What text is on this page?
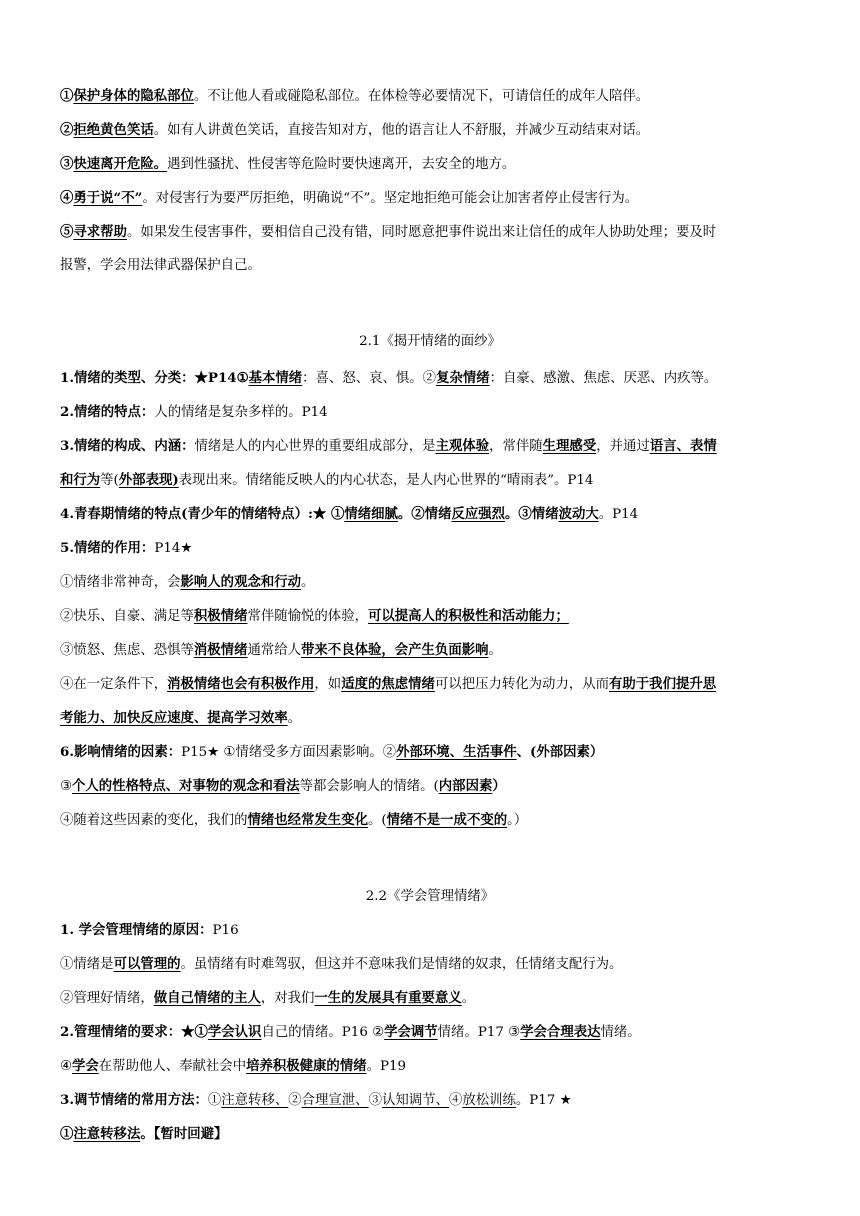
①保护身体的隐私部位。不让他人看或碰隐私部位。在体检等必要情况下，可请信任的成年人陪伴。
②拒绝黄色笑话。如有人讲黄色笑话，直接告知对方，他的语言让人不舒服，并减少互动结束对话。
③快速离开危险。遇到性骚扰、性侵害等危险时要快速离开，去安全的地方。
④勇于说“不”。对侵害行为要严厉拒绝，明确说“不”。坚定地拒绝可能会让加害者停止侵害行为。
⑤寻求帮助。如果发生侵害事件，要相信自己没有错，同时愿意把事件说出来让信任的成年人协助处理；要及时
报警，学会用法律武器保护自己。
2.1《揭开情绪的面纱》
1.情绪的类型、分类：★P14①基本情绪：喜、怒、哀、惧。②复杂情绪：自豪、感激、焦虑、厌恶、内疚等。
2.情绪的特点：人的情绪是复杂多样的。P14
3.情绪的构成、内涵：情绪是人的内心世界的重要组成部分，是主观体验，常伴随生理感受，并通过语言、表情
和行为等(外部表现)表现出来。情绪能反映人的内心状态，是人内心世界的“晴雨表”。P14
4.青春期情绪的特点(青少年的情绪特点）:★ ①情绪细腻。②情绪反应强烈。③情绪波动大。P14
5.情绪的作用：P14★
①情绪非常神奇，会影响人的观念和行动。
②快乐、自豪、满足等积极情绪常伴随愉悦的体验，可以提高人的积极性和活动能力；
③愤怒、焦虑、恐惧等消极情绪通常给人带来不良体验，会产生负面影响。
④在一定条件下，消极情绪也会有积极作用，如适度的焦虑情绪可以把压力转化为动力，从而有助于我们提升思
考能力、加快反应速度、提高学习效率。
6.影响情绪的因素：P15★ ①情绪受多方面因素影响。②外部环境、生活事件、(外部因素）
③个人的性格特点、对事物的观念和看法等都会影响人的情绪。(内部因素）
④随着这些因素的变化，我们的情绪也经常发生变化。(情绪不是一成不变的。）
2.2《学会管理情绪》
1. 学会管理情绪的原因：P16
①情绪是可以管理的。虽情绪有时难驾驭，但这并不意味我们是情绪的奴隶，任情绪支配行为。
②管理好情绪，做自己情绪的主人，对我们一生的发展具有重要意义。
2.管理情绪的要求：★①学会认识自己的情绪。P16 ②学会调节情绪。P17 ③学会合理表达情绪。
④学会在帮助他人、奉献社会中培养积极健康的情绪。P19
3.调节情绪的常用方法：①注意转移、②合理宣泄、③认知调节、④放松训练。P17 ★
①注意转移法。【暂时回避】
